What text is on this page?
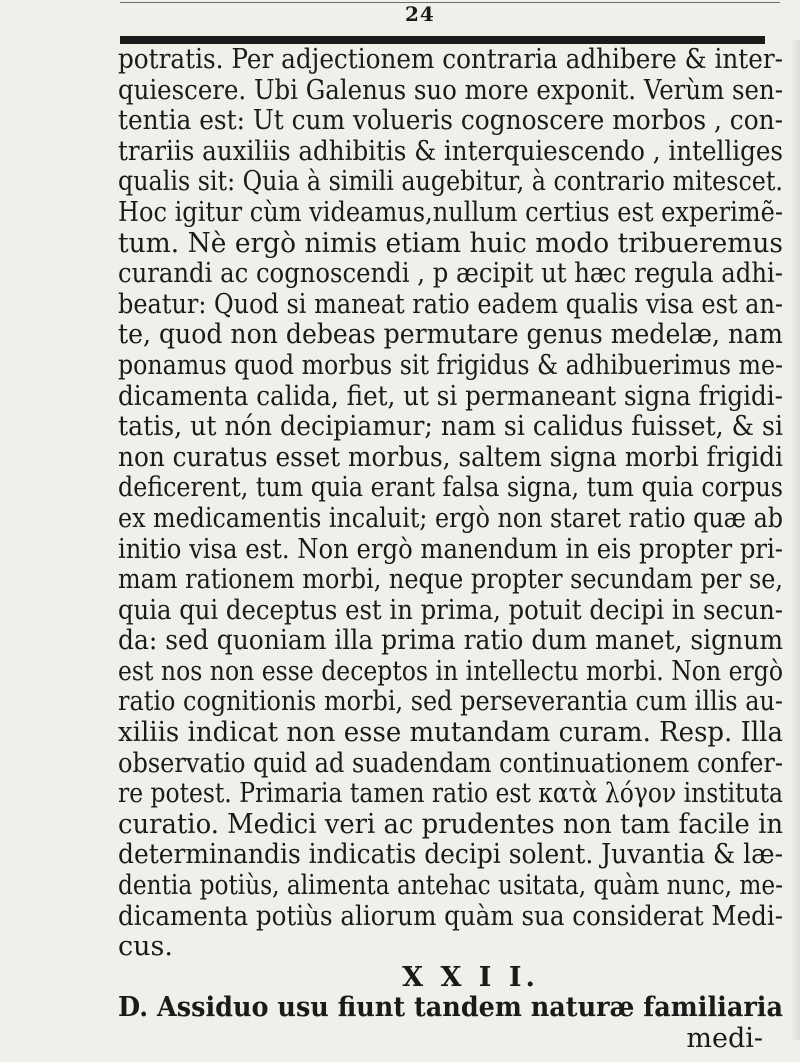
24
potratis. Per adjectionem contraria adhibere & inter-
quiescere. Ubi Galenus suo more exponit. Verùm sen-
tentia est: Ut cum volueris cognoscere morbos , con-
trariis auxiliis adhibitis & interquiescendo , intelliges
qualis sit: Quia à simili augebitur, à contrario mitescet.
Hoc igitur cùm videamus,nullum certius est experimẽ-
tum. Nè ergò nimis etiam huic modo tribueremus
curandi ac cognoscendi , p æcipit ut hæc regula adhi-
beatur: Quod si maneat ratio eadem qualis visa est an-
te, quod non debeas permutare genus medelæ, nam
ponamus quod morbus sit frigidus & adhibuerimus me-
dicamenta calida, fiet, ut si permaneant signa frigidi-
tatis, ut nón decipiamur; nam si calidus fuisset, & si
non curatus esset morbus, saltem signa morbi frigidi
deficerent, tum quia erant falsa signa, tum quia corpus
ex medicamentis incaluit; ergò non staret ratio quæ ab
initio visa est. Non ergò manendum in eis propter pri-
mam rationem morbi, neque propter secundam per se,
quia qui deceptus est in prima, potuit decipi in secun-
da: sed quoniam illa prima ratio dum manet, signum
est nos non esse deceptos in intellectu morbi. Non ergò
ratio cognitionis morbi, sed perseverantia cum illis au-
xiliis indicat non esse mutandam curam. Resp. Illa
observatio quid ad suadendam continuationem confer-
re potest. Primaria tamen ratio est κατὰ λόγον instituta
curatio. Medici veri ac prudentes non tam facile in
determinandis indicatis decipi solent. Juvantia & læ-
dentia potiùs, alimenta antehac usitata, quàm nunc, me-
dicamenta potiùs aliorum quàm sua considerat Medi-
cus.
X X I I.
D. Assiduo usu fiunt tandem naturæ familiaria
medi-
